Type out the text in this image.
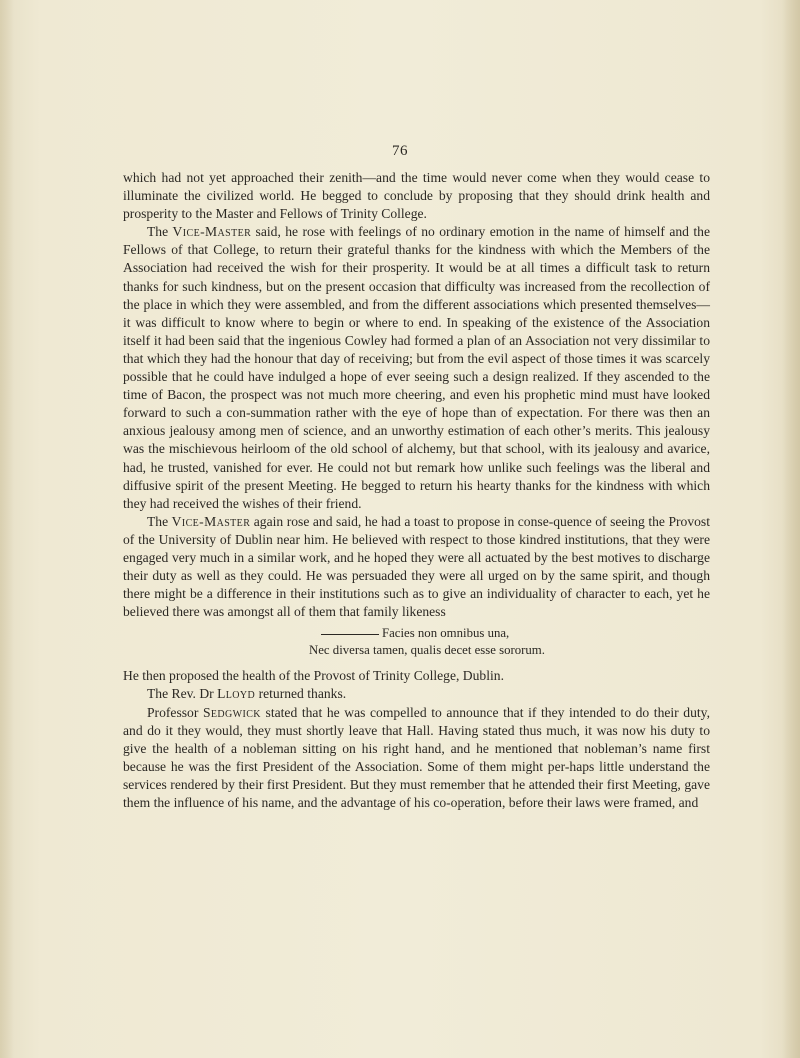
76

which had not yet approached their zenith—and the time would never come when they would cease to illuminate the civilized world. He begged to conclude by proposing that they should drink health and prosperity to the Master and Fellows of Trinity College.

The Vice-Master said, he rose with feelings of no ordinary emotion in the name of himself and the Fellows of that College, to return their grateful thanks for the kindness with which the Members of the Association had received the wish for their prosperity. It would be at all times a difficult task to return thanks for such kindness, but on the present occasion that difficulty was increased from the recollection of the place in which they were assembled, and from the different associations which presented themselves—it was difficult to know where to begin or where to end. In speaking of the existence of the Association itself it had been said that the ingenious Cowley had formed a plan of an Association not very dissimilar to that which they had the honour that day of receiving; but from the evil aspect of those times it was scarcely possible that he could have indulged a hope of ever seeing such a design realized. If they ascended to the time of Bacon, the prospect was not much more cheering, and even his prophetic mind must have looked forward to such a con-summation rather with the eye of hope than of expectation. For there was then an anxious jealousy among men of science, and an unworthy estimation of each other’s merits. This jealousy was the mischievous heirloom of the old school of alchemy, but that school, with its jealousy and avarice, had, he trusted, vanished for ever. He could not but remark how unlike such feelings was the liberal and diffusive spirit of the present Meeting. He begged to return his hearty thanks for the kindness with which they had received the wishes of their friend.

The Vice-Master again rose and said, he had a toast to propose in conse-quence of seeing the Provost of the University of Dublin near him. He believed with respect to those kindred institutions, that they were engaged very much in a similar work, and he hoped they were all actuated by the best motives to discharge their duty as well as they could. He was persuaded they were all urged on by the same spirit, and though there might be a difference in their institutions such as to give an individuality of character to each, yet he believed there was amongst all of them that family likeness

Facies non omnibus una,
Nec diversa tamen, qualis decet esse sororum.

He then proposed the health of the Provost of Trinity College, Dublin.

The Rev. Dr Lloyd returned thanks.

Professor Sedgwick stated that he was compelled to announce that if they intended to do their duty, and do it they would, they must shortly leave that Hall. Having stated thus much, it was now his duty to give the health of a nobleman sitting on his right hand, and he mentioned that nobleman’s name first because he was the first President of the Association. Some of them might per-haps little understand the services rendered by their first President. But they must remember that he attended their first Meeting, gave them the influence of his name, and the advantage of his co-operation, before their laws were framed, and
